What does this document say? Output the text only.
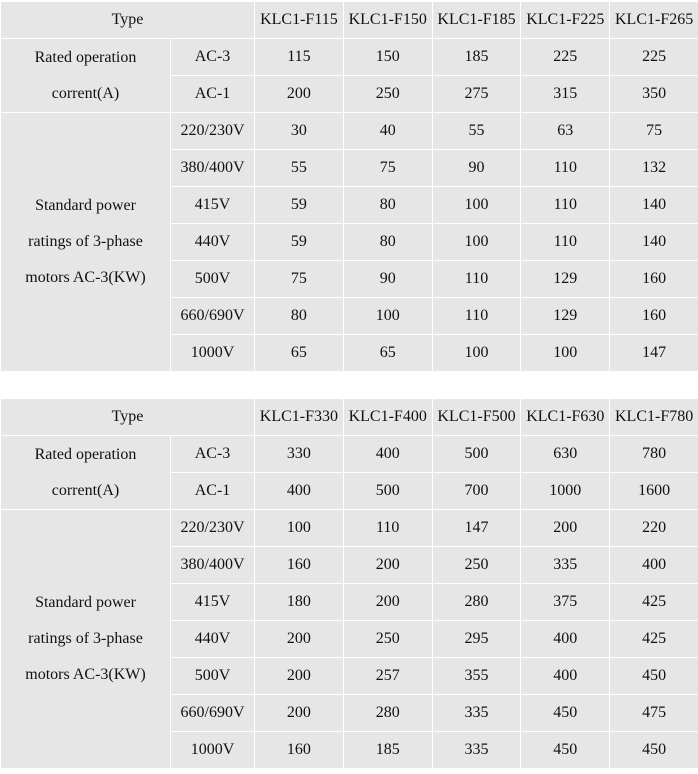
Type		KLC1-F115	KLC1-F150	KLC1-F185	KLC1-F225	KLC1-F265

Rated operation
corrent(A)	AC-3	115	150	185	225	225
	AC-1	200	250	275	315	350

Standard power
ratings of 3-phase
motors AC-3(KW)	220/230V	30	40	55	63	75
	380/400V	55	75	90	110	132
	415V	59	80	100	110	140
	440V	59	80	100	110	140
	500V	75	90	110	129	160
	660/690V	80	100	110	129	160
	1000V	65	65	100	100	147
Type		KLC1-F330	KLC1-F400	KLC1-F500	KLC1-F630	KLC1-F780

Rated operation
corrent(A)	AC-3	330	400	500	630	780
	AC-1	400	500	700	1000	1600

Standard power
ratings of 3-phase
motors AC-3(KW)	220/230V	100	110	147	200	220
	380/400V	160	200	250	335	400
	415V	180	200	280	375	425
	440V	200	250	295	400	425
	500V	200	257	355	400	450
	660/690V	200	280	335	450	475
	1000V	160	185	335	450	450
